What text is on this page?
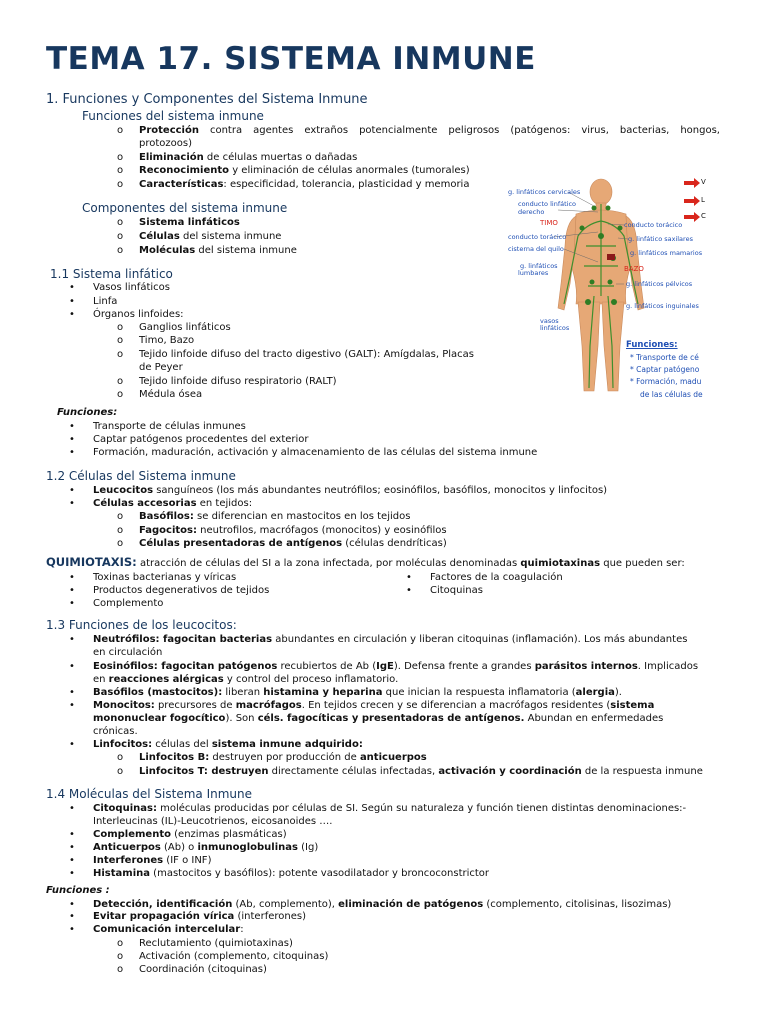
TEMA 17. SISTEMA INMUNE
1. Funciones y Componentes del Sistema Inmune
Funciones del sistema inmune
o Protección contra agentes extraños potencialmente peligrosos (patógenos: virus, bacterias, hongos,
protozoos)
o Eliminación de células muertas o dañadas
o Reconocimiento y eliminación de células anormales (tumorales)
o Características: especificidad, tolerancia, plasticidad y memoria
Componentes del sistema inmune
o Sistema linfáticos
o Células del sistema inmune
o Moléculas del sistema inmune
g. linfáticos cervicales
conducto linfático
derecho
TIMO
conducto torácico
cisterna del quilo
g. linfáticos
lumbares
vasos
linfáticos
conducto torácico
g. linfático saxilares
g. linfáticos mamarios
BAZO
g. linfáticos pélvicos
g. linfáticos inguinales
Funciones:
* Transporte de cé
* Captar patógeno
* Formación, madu
de las células de
V
L
C
1.1 Sistema linfático
• Vasos linfáticos
• Linfa
• Órganos linfoides:
o Ganglios linfáticos
o Timo, Bazo
o Tejido linfoide difuso del tracto digestivo (GALT): Amígdalas, Placas
de Peyer
o Tejido linfoide difuso respiratorio (RALT)
o Médula ósea
Funciones:
• Transporte de células inmunes
• Captar patógenos procedentes del exterior
• Formación, maduración, activación y almacenamiento de las células del sistema inmune
1.2 Células del Sistema inmune
• Leucocitos sanguíneos (los más abundantes neutrófilos; eosinófilos, basófilos, monocitos y linfocitos)
• Células accesorias en tejidos:
o Basófilos: se diferencian en mastocitos en los tejidos
o Fagocitos: neutrofilos, macrófagos (monocitos) y eosinófilos
o Células presentadoras de antígenos (células dendríticas)
QUIMIOTAXIS: atracción de células del SI a la zona infectada, por moléculas denominadas quimiotaxinas que pueden ser:
• Toxinas bacterianas y víricas
• Productos degenerativos de tejidos
• Complemento
• Factores de la coagulación
• Citoquinas
1.3 Funciones de los leucocitos:
• Neutrófilos: fagocitan bacterias abundantes en circulación y liberan citoquinas (inflamación). Los más abundantes
en circulación
• Eosinófilos: fagocitan patógenos recubiertos de Ab (IgE). Defensa frente a grandes parásitos internos. Implicados
en reacciones alérgicas y control del proceso inflamatorio.
• Basófilos (mastocitos): liberan histamina y heparina que inician la respuesta inflamatoria (alergia).
• Monocitos: precursores de macrófagos. En tejidos crecen y se diferencian a macrófagos residentes (sistema
mononuclear fogocítico). Son céls. fagocíticas y presentadoras de antígenos. Abundan en enfermedades
crónicas.
• Linfocitos: células del sistema inmune adquirido:
o Linfocitos B: destruyen por producción de anticuerpos
o Linfocitos T: destruyen directamente células infectadas, activación y coordinación de la respuesta inmune
1.4 Moléculas del Sistema Inmune
• Citoquinas: moléculas producidas por células de SI. Según su naturaleza y función tienen distintas denominaciones:-
Interleucinas (IL)-Leucotrienos, eicosanoides ….
• Complemento (enzimas plasmáticas)
• Anticuerpos (Ab) o inmunoglobulinas (Ig)
• Interferones (IF o INF)
• Histamina (mastocitos y basófilos): potente vasodilatador y broncoconstrictor
Funciones :
• Detección, identificación (Ab, complemento), eliminación de patógenos (complemento, citolisinas, lisozimas)
• Evitar propagación vírica (interferones)
• Comunicación intercelular:
o Reclutamiento (quimiotaxinas)
o Activación (complemento, citoquinas)
o Coordinación (citoquinas)
